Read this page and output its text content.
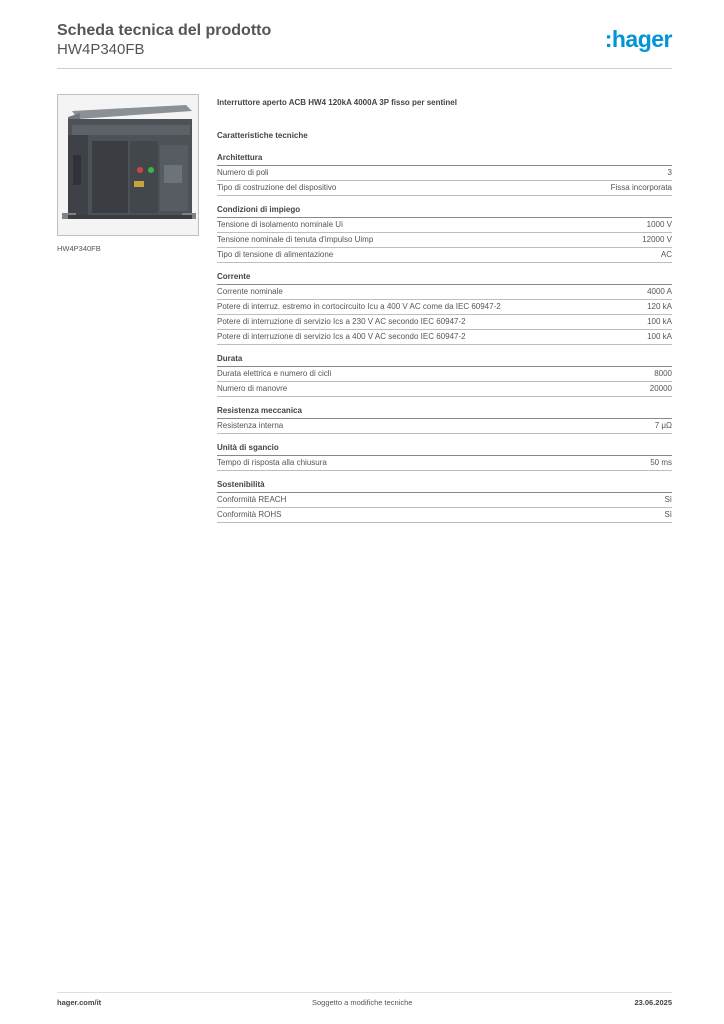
Scheda tecnica del prodotto
HW4P340FB	:hager
HW4P340FB
Interruttore aperto ACB HW4 120kA 4000A 3P fisso per sentinel
Caratteristiche tecniche
Architettura
Numero di poli	3
Tipo di costruzione del dispositivo	Fissa incorporata
Condizioni di impiego
Tensione di isolamento nominale Ui	1000 V
Tensione nominale di tenuta d'impulso Uimp	12000 V
Tipo di tensione di alimentazione	AC
Corrente
Corrente nominale	4000 A
Potere di interruz. estremo in cortocircuito Icu a 400 V AC come da IEC 60947-2	120 kA
Potere di interruzione di servizio Ics a 230 V AC secondo IEC 60947-2	100 kA
Potere di interruzione di servizio Ics a 400 V AC secondo IEC 60947-2	100 kA
Durata
Durata elettrica e numero di cicli	8000
Numero di manovre	20000
Resistenza meccanica
Resistenza interna	7 μΩ
Unità di sgancio
Tempo di risposta alla chiusura	50 ms
Sostenibilità
Conformità REACH	Sì
Conformità ROHS	Sì
hager.com/it	Soggetto a modifiche tecniche	23.06.2025
